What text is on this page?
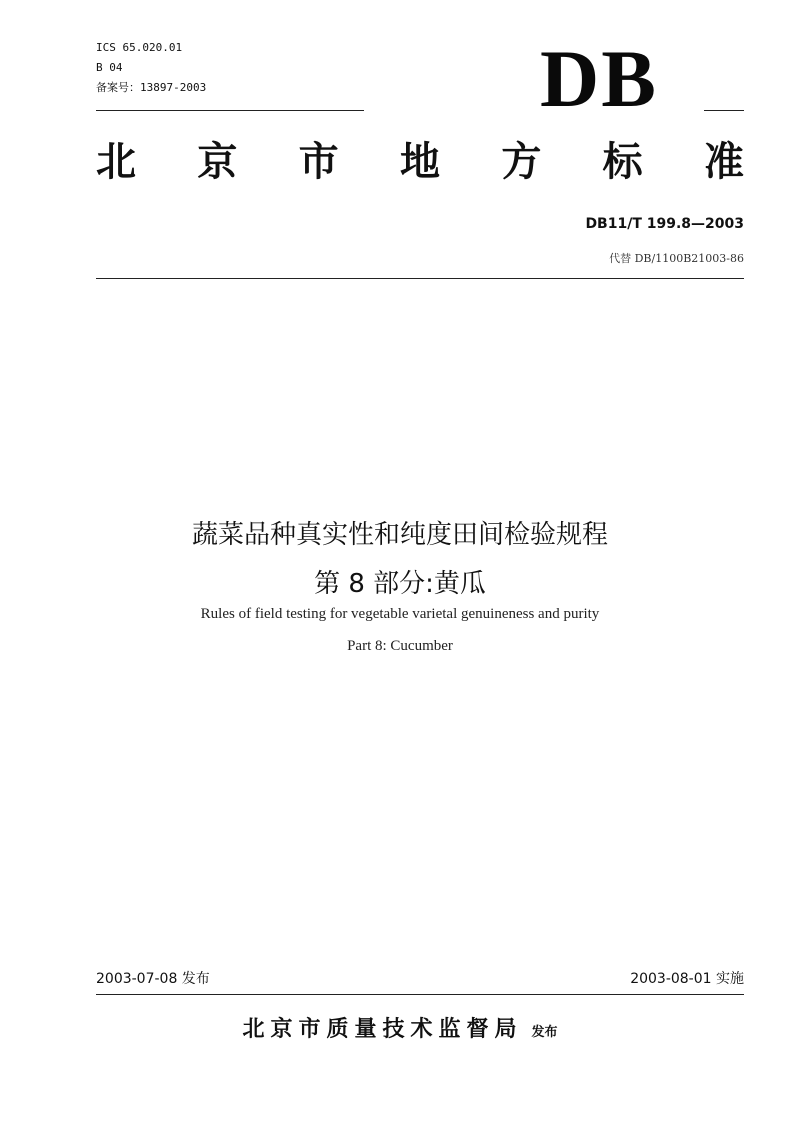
ICS 65.020.01
B 04
备案号：13897-2003	DB
北 京 市 地 方 标 准
DB11/T 199.8—2003
代替 DB/1100B21003-86
蔬菜品种真实性和纯度田间检验规程
第 8 部分:黄瓜
Rules of field testing for vegetable varietal genuineness and purity
Part 8: Cucumber
2003-07-08 发布	2003-08-01 实施
北京市质量技术监督局 发布
